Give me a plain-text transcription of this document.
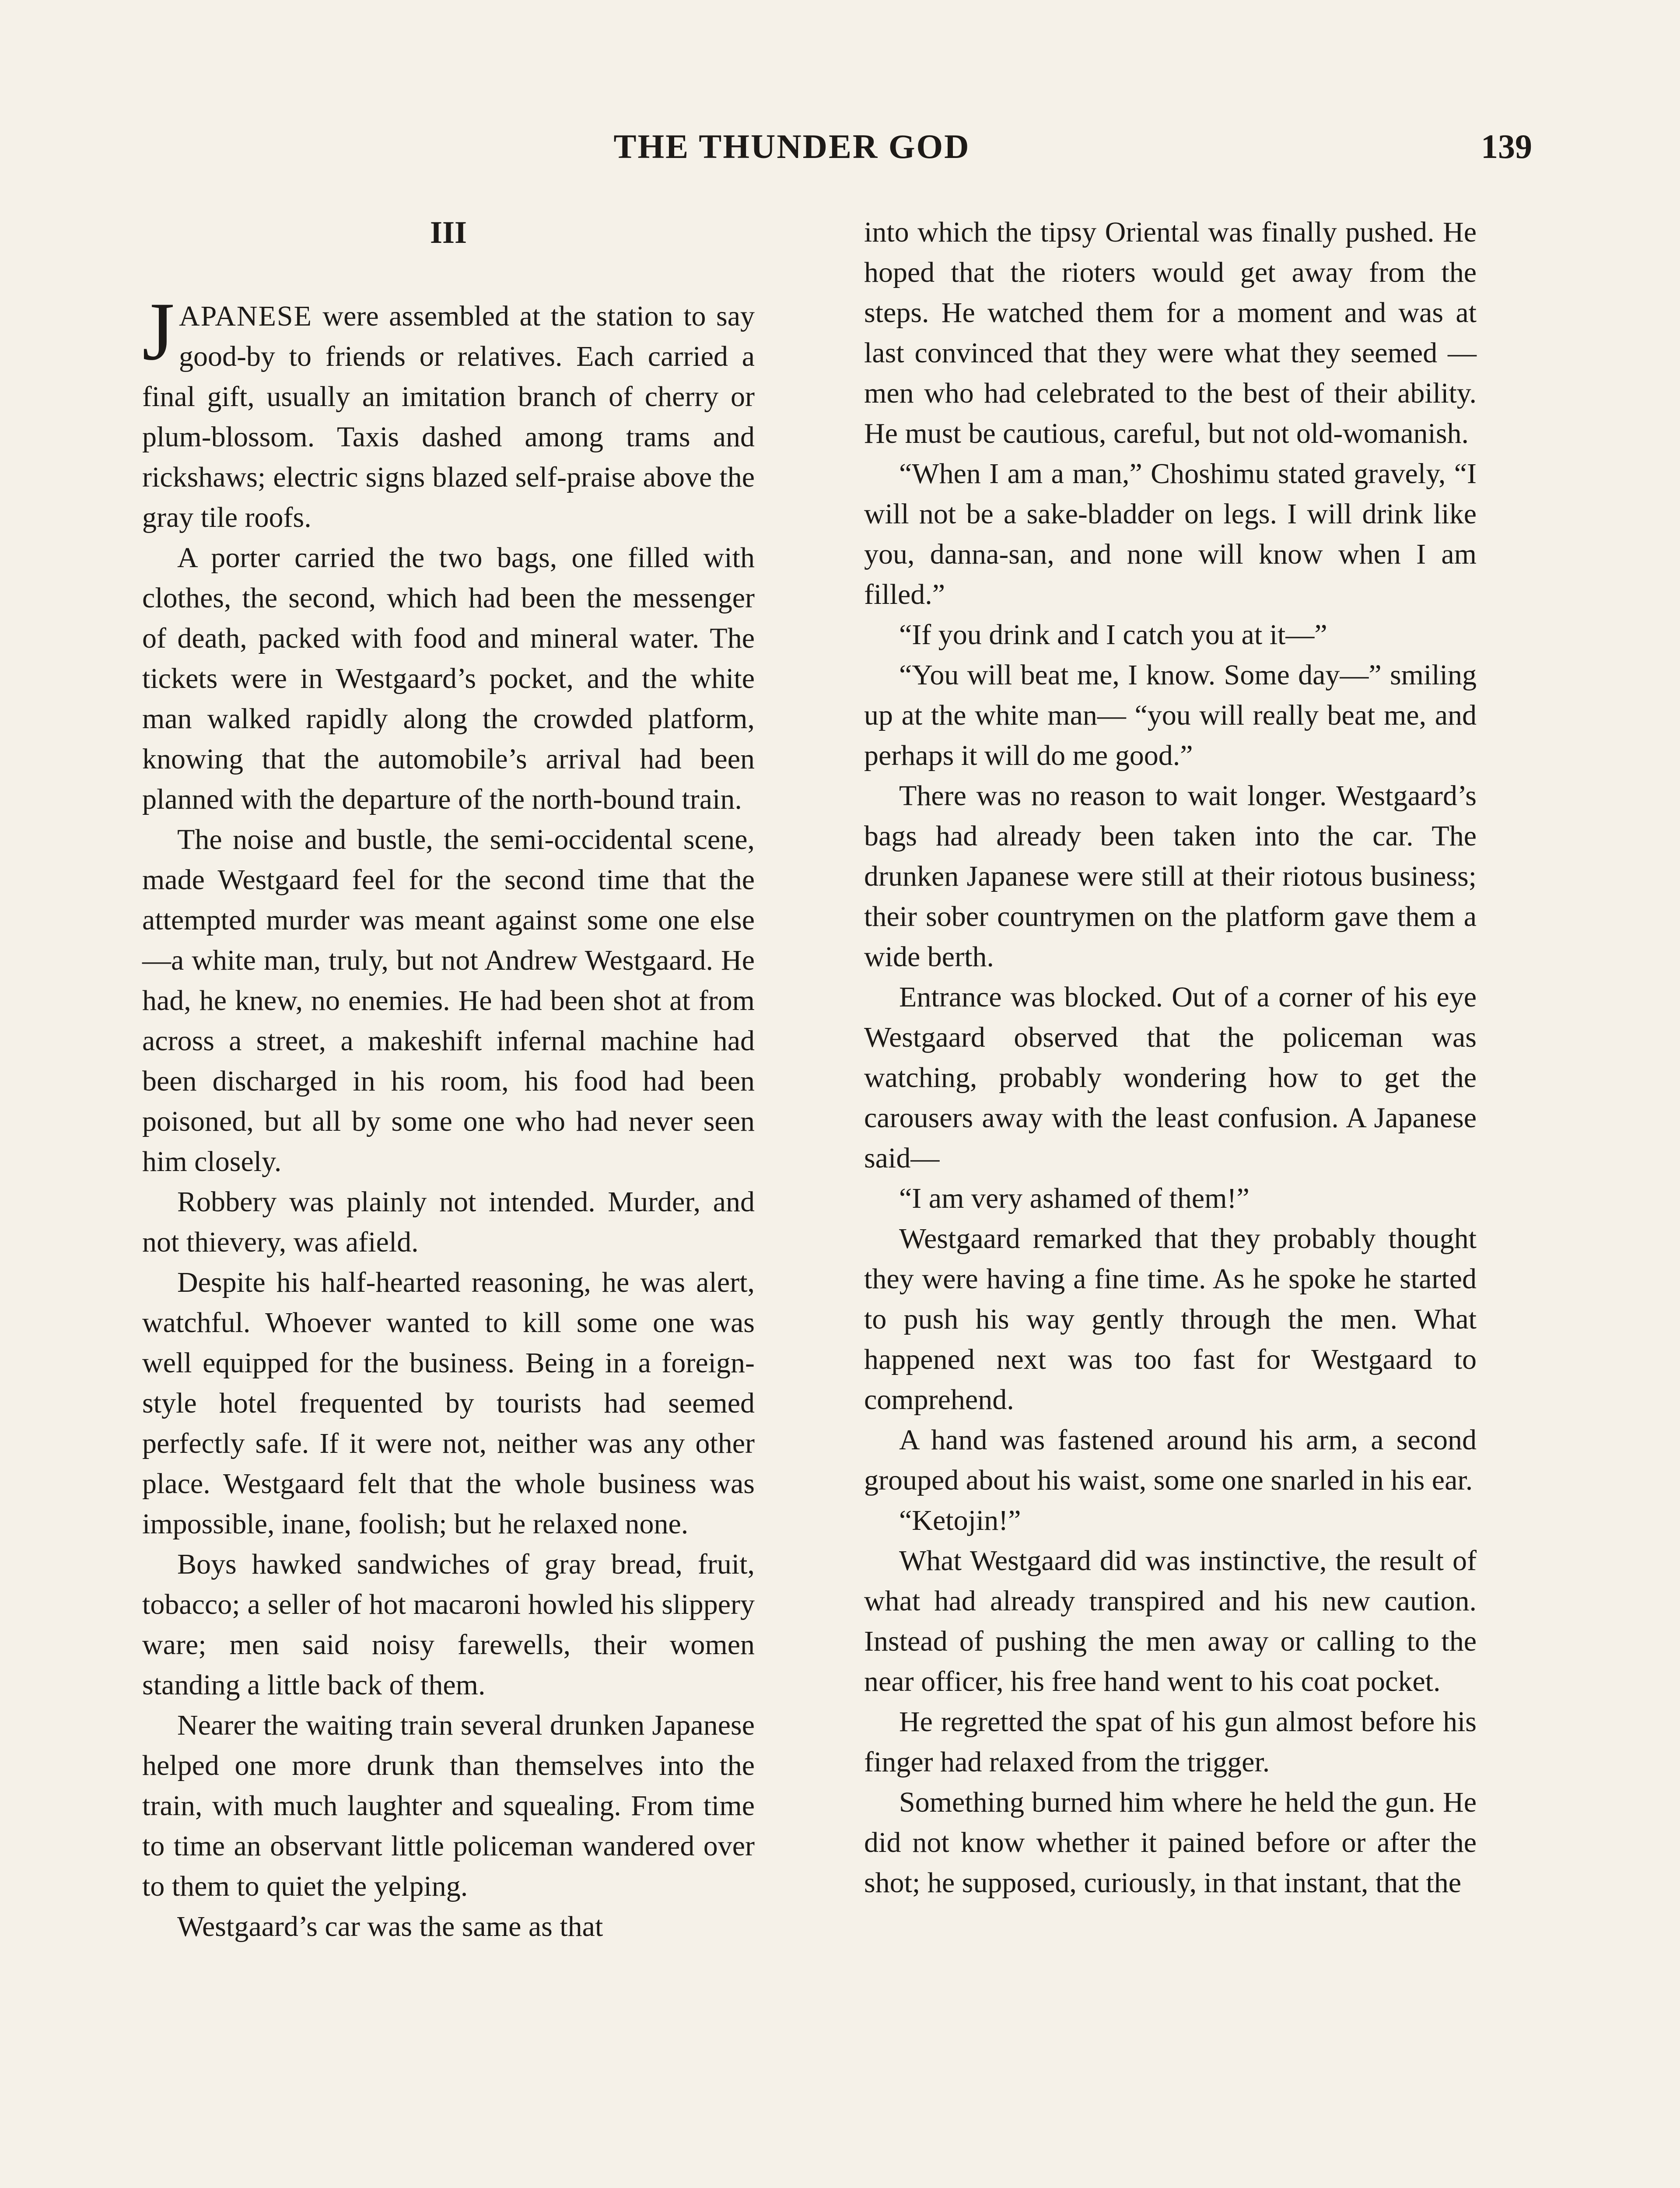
THE THUNDER GOD	139
III

JAPANESE were assembled at the station to say good-by to friends or relatives. Each carried a final gift, usually an imitation branch of cherry or plum-blossom. Taxis dashed among trams and rickshaws; electric signs blazed self-praise above the gray tile roofs.

A porter carried the two bags, one filled with clothes, the second, which had been the messenger of death, packed with food and mineral water. The tickets were in Westgaard’s pocket, and the white man walked rapidly along the crowded platform, knowing that the automobile’s arrival had been planned with the departure of the north-bound train.

The noise and bustle, the semi-occidental scene, made Westgaard feel for the second time that the attempted murder was meant against some one else—a white man, truly, but not Andrew Westgaard. He had, he knew, no enemies. He had been shot at from across a street, a makeshift infernal machine had been discharged in his room, his food had been poisoned, but all by some one who had never seen him closely.

Robbery was plainly not intended. Murder, and not thievery, was afield.

Despite his half-hearted reasoning, he was alert, watchful. Whoever wanted to kill some one was well equipped for the business. Being in a foreign-style hotel frequented by tourists had seemed perfectly safe. If it were not, neither was any other place. Westgaard felt that the whole business was impossible, inane, foolish; but he relaxed none.

Boys hawked sandwiches of gray bread, fruit, tobacco; a seller of hot macaroni howled his slippery ware; men said noisy farewells, their women standing a little back of them.

Nearer the waiting train several drunken Japanese helped one more drunk than themselves into the train, with much laughter and squealing. From time to time an observant little policeman wandered over to them to quiet the yelping.

Westgaard’s car was the same as that

into which the tipsy Oriental was finally pushed. He hoped that the rioters would get away from the steps. He watched them for a moment and was at last convinced that they were what they seemed —men who had celebrated to the best of their ability. He must be cautious, careful, but not old-womanish.

“When I am a man,” Choshimu stated gravely, “I will not be a sake-bladder on legs. I will drink like you, danna-san, and none will know when I am filled.”

“If you drink and I catch you at it—”

“You will beat me, I know. Some day—” smiling up at the white man— “you will really beat me, and perhaps it will do me good.”

There was no reason to wait longer. Westgaard’s bags had already been taken into the car. The drunken Japanese were still at their riotous business; their sober countrymen on the platform gave them a wide berth.

Entrance was blocked. Out of a corner of his eye Westgaard observed that the policeman was watching, probably wondering how to get the carousers away with the least confusion. A Japanese said—

“I am very ashamed of them!”

Westgaard remarked that they probably thought they were having a fine time. As he spoke he started to push his way gently through the men. What happened next was too fast for Westgaard to comprehend.

A hand was fastened around his arm, a second grouped about his waist, some one snarled in his ear.

“Ketojin!”

What Westgaard did was instinctive, the result of what had already transpired and his new caution. Instead of pushing the men away or calling to the near officer, his free hand went to his coat pocket.

He regretted the spat of his gun almost before his finger had relaxed from the trigger.

Something burned him where he held the gun. He did not know whether it pained before or after the shot; he supposed, curiously, in that instant, that the
